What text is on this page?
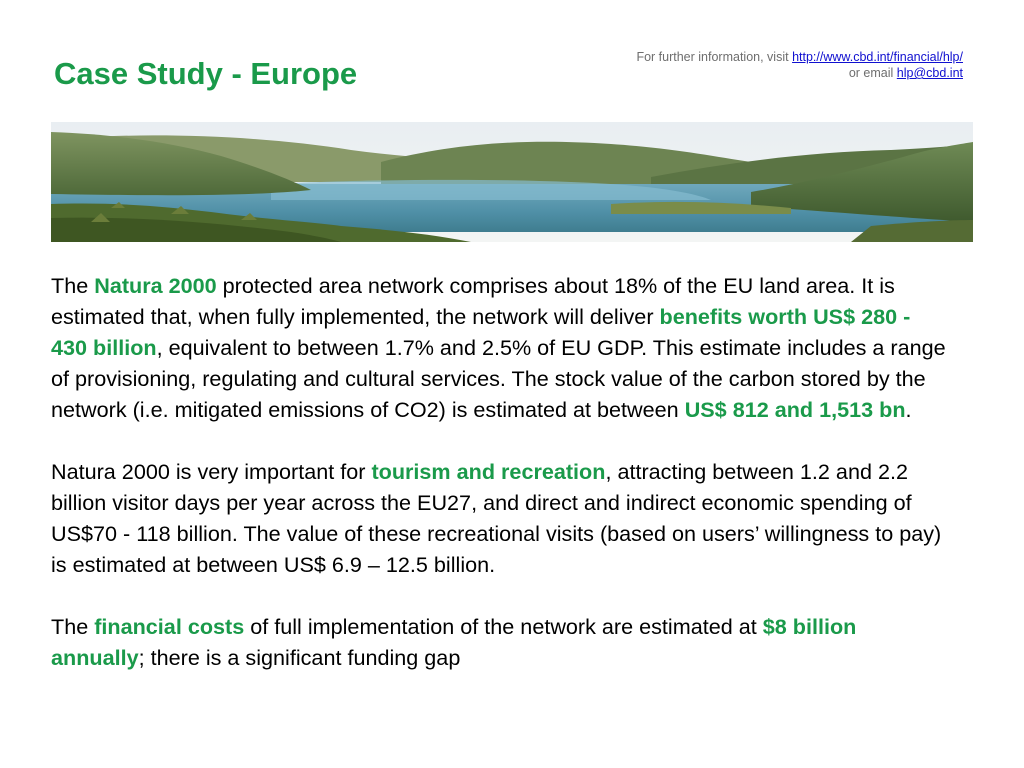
Case Study - Europe	For further information, visit http://www.cbd.int/financial/hlp/
or email hlp@cbd.int

The Natura 2000 protected area network comprises about 18% of the EU land area. It is estimated that, when fully implemented, the network will deliver benefits worth US$ 280 - 430 billion, equivalent to between 1.7% and 2.5% of EU GDP. This estimate includes a range of provisioning, regulating and cultural services. The stock value of the carbon stored by the network (i.e. mitigated emissions of CO2) is estimated at between US$ 812 and 1,513 bn.

Natura 2000 is very important for tourism and recreation, attracting between 1.2 and 2.2 billion visitor days per year across the EU27, and direct and indirect economic spending of US$70 - 118 billion. The value of these recreational visits (based on users’ willingness to pay) is estimated at between US$ 6.9 – 12.5 billion.

The financial costs of full implementation of the network are estimated at $8 billion annually; there is a significant funding gap
